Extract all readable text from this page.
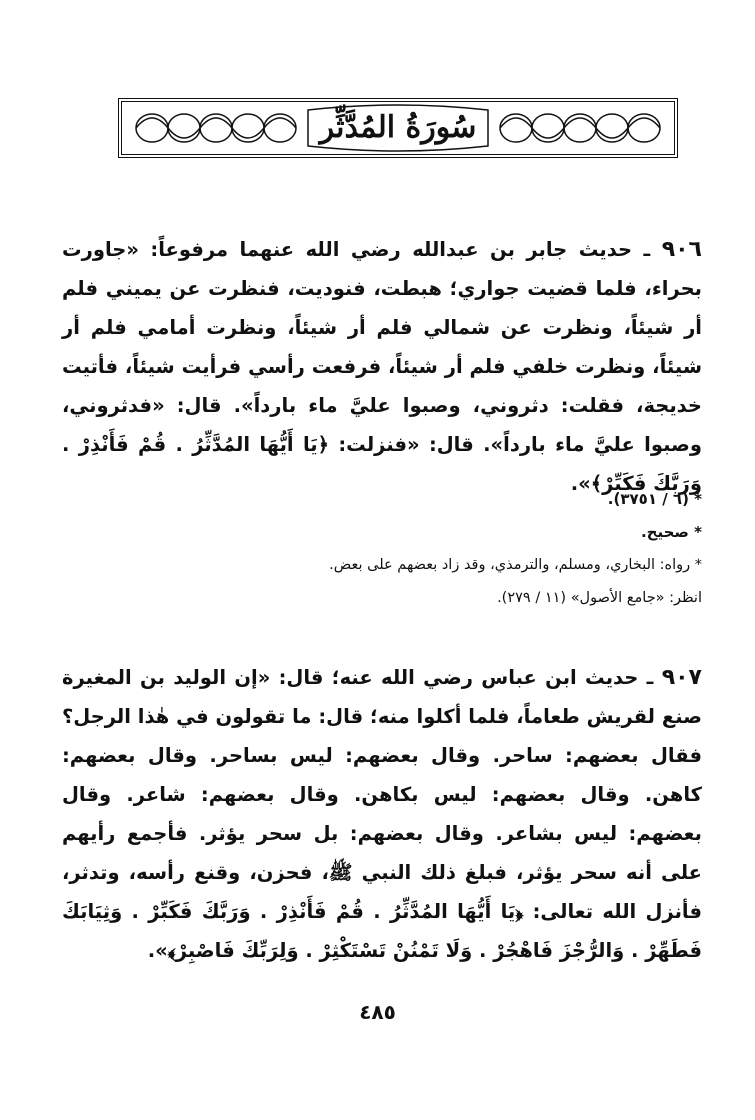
سُورَةُ المُدَّثِّر
٩٠٦ ـ حديث جابر بن عبدالله رضي الله عنهما مرفوعاً: «جاورت بحراء، فلما قضيت جواري؛ هبطت، فنوديت، فنظرت عن يميني فلم أر شيئاً، ونظرت عن شمالي فلم أر شيئاً، ونظرت أمامي فلم أر شيئاً، ونظرت خلفي فلم أر شيئاً، فرفعت رأسي فرأيت شيئاً، فأتيت خديجة، فقلت: دثروني، وصبوا عليَّ ماء بارداً». قال: «فدثروني، وصبوا عليَّ ماء بارداً». قال: «فنزلت: ﴿يَا أَيُّهَا المُدَّثِّرُ . قُمْ فَأَنْذِرْ . وَرَبَّكَ فَكَبِّرْ﴾».
* (٦ / ٣٧٥١).
* صحيح.
* رواه: البخاري، ومسلم، والترمذي، وقد زاد بعضهم على بعض.
انظر: «جامع الأصول» (١١ / ٢٧٩).
٩٠٧ ـ حديث ابن عباس رضي الله عنه؛ قال: «إن الوليد بن المغيرة صنع لقريش طعاماً، فلما أكلوا منه؛ قال: ما تقولون في هٰذا الرجل؟ فقال بعضهم: ساحر. وقال بعضهم: ليس بساحر. وقال بعضهم: كاهن. وقال بعضهم: ليس بكاهن. وقال بعضهم: شاعر. وقال بعضهم: ليس بشاعر. وقال بعضهم: بل سحر يؤثر. فأجمع رأيهم على أنه سحر يؤثر، فبلغ ذلك النبي ﷺ، فحزن، وقنع رأسه، وتدثر، فأنزل الله تعالى: ﴿يَا أَيُّهَا المُدَّثِّرُ . قُمْ فَأَنْذِرْ . وَرَبَّكَ فَكَبِّرْ . وَثِيَابَكَ فَطَهِّرْ . وَالرُّجْزَ فَاهْجُرْ . وَلَا تَمْنُنْ تَسْتَكْثِرْ . وَلِرَبِّكَ فَاصْبِرْ﴾».
٤٨٥
